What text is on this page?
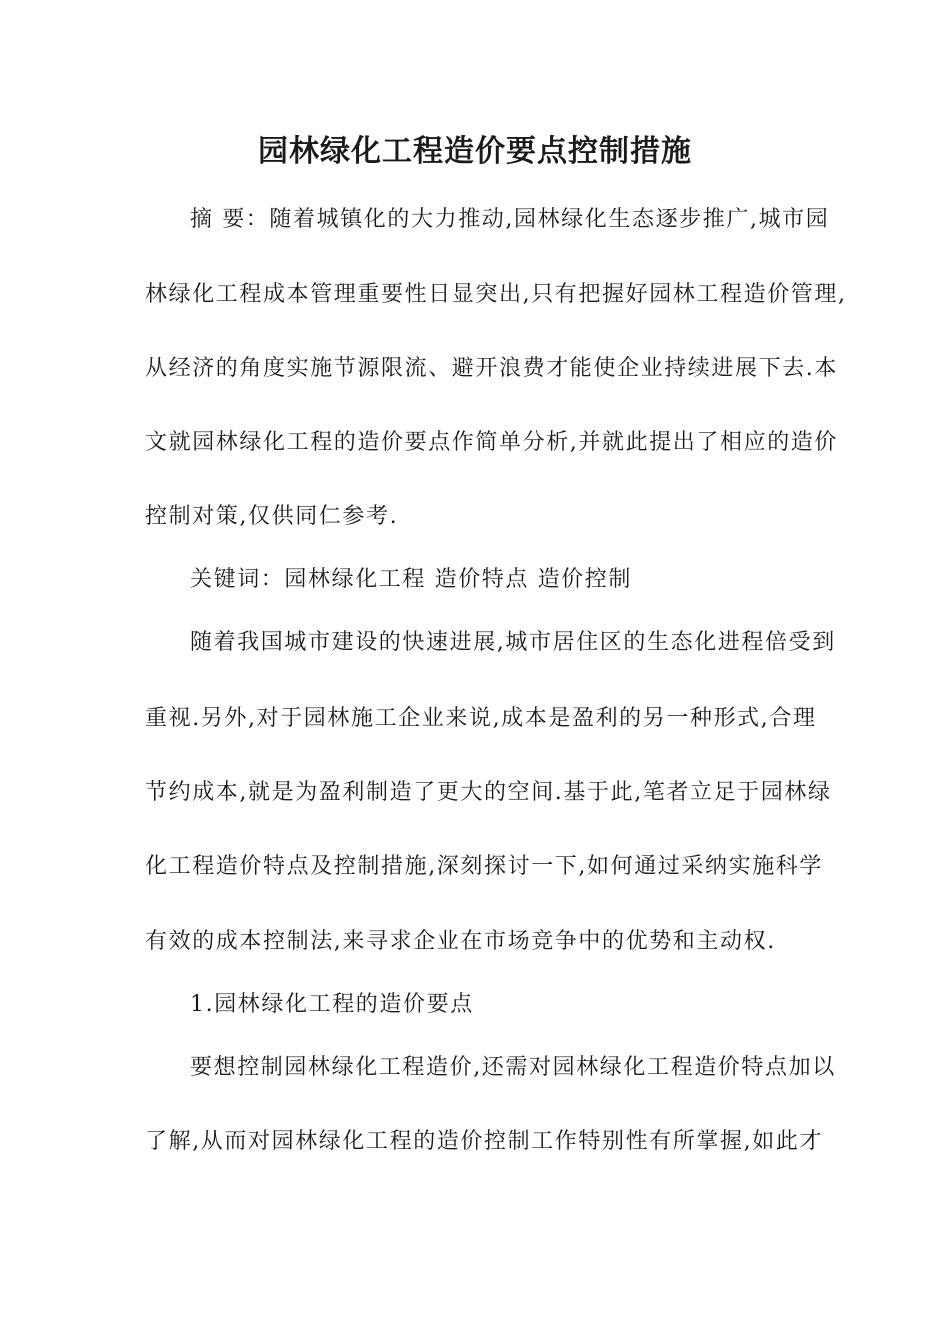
园林绿化工程造价要点控制措施
摘 要：随着城镇化的大力推动,园林绿化生态逐步推广,城市园
林绿化工程成本管理重要性日显突出,只有把握好园林工程造价管理,
从经济的角度实施节源限流、避开浪费才能使企业持续进展下去.本
文就园林绿化工程的造价要点作简单分析,并就此提出了相应的造价
控制对策,仅供同仁参考.
关键词：园林绿化工程 造价特点 造价控制
随着我国城市建设的快速进展,城市居住区的生态化进程倍受到
重视.另外,对于园林施工企业来说,成本是盈利的另一种形式,合理
节约成本,就是为盈利制造了更大的空间.基于此,笔者立足于园林绿
化工程造价特点及控制措施,深刻探讨一下,如何通过采纳实施科学
有效的成本控制法,来寻求企业在市场竞争中的优势和主动权.
1.园林绿化工程的造价要点
要想控制园林绿化工程造价,还需对园林绿化工程造价特点加以
了解,从而对园林绿化工程的造价控制工作特别性有所掌握,如此才
